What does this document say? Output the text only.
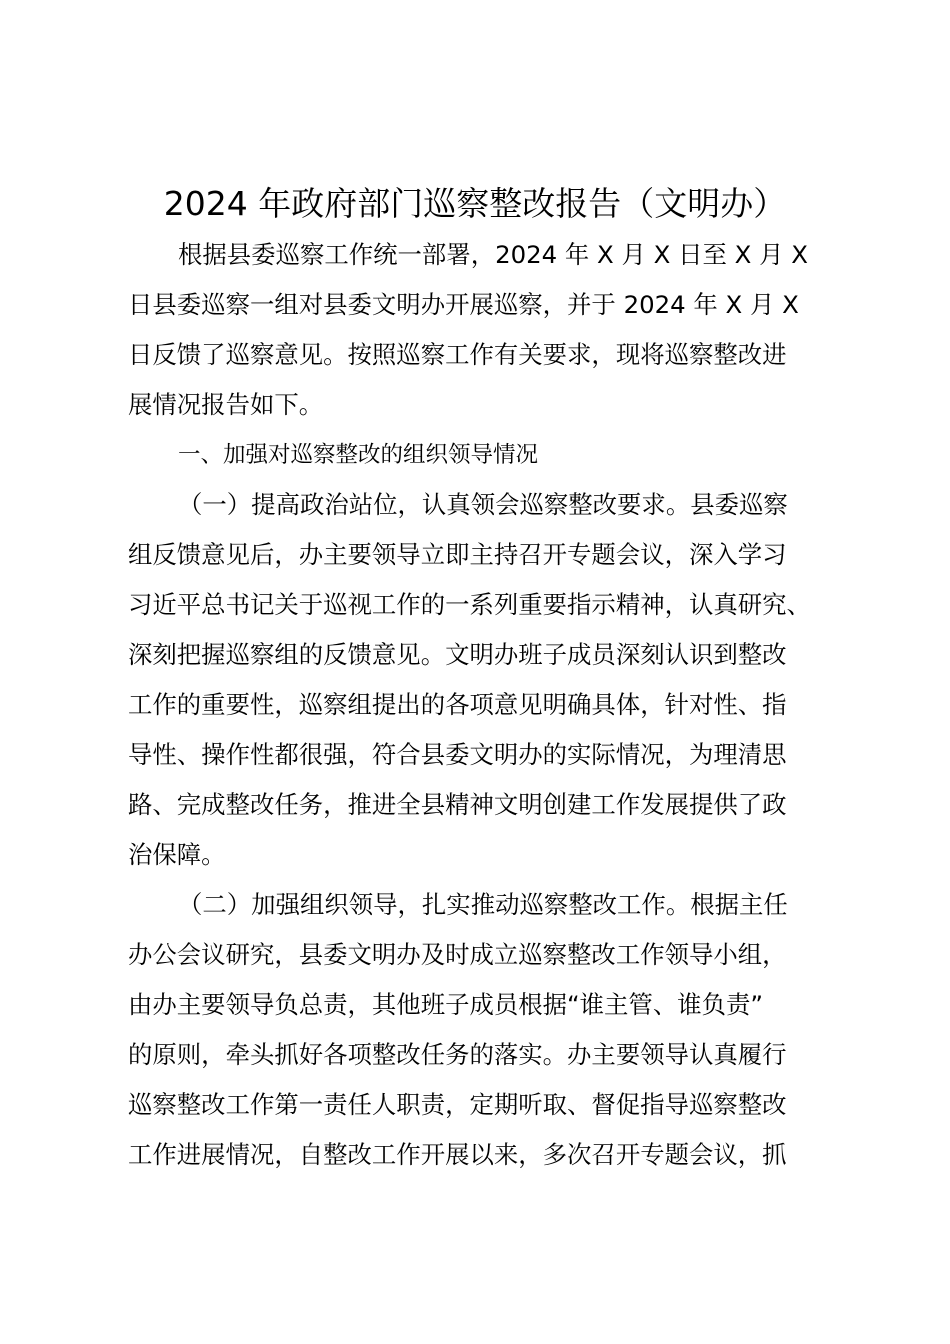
2024 年政府部门巡察整改报告（文明办）
根据县委巡察工作统一部署，2024 年 X 月 X 日至 X 月 X
日县委巡察一组对县委文明办开展巡察，并于 2024 年 X 月 X
日反馈了巡察意见。按照巡察工作有关要求，现将巡察整改进
展情况报告如下。
一、加强对巡察整改的组织领导情况
（一）提高政治站位，认真领会巡察整改要求。县委巡察
组反馈意见后，办主要领导立即主持召开专题会议，深入学习
习近平总书记关于巡视工作的一系列重要指示精神，认真研究、
深刻把握巡察组的反馈意见。文明办班子成员深刻认识到整改
工作的重要性，巡察组提出的各项意见明确具体，针对性、指
导性、操作性都很强，符合县委文明办的实际情况，为理清思
路、完成整改任务，推进全县精神文明创建工作发展提供了政
治保障。
（二）加强组织领导，扎实推动巡察整改工作。根据主任
办公会议研究，县委文明办及时成立巡察整改工作领导小组，
由办主要领导负总责，其他班子成员根据“谁主管、谁负责”
的原则，牵头抓好各项整改任务的落实。办主要领导认真履行
巡察整改工作第一责任人职责，定期听取、督促指导巡察整改
工作进展情况，自整改工作开展以来，多次召开专题会议，抓
